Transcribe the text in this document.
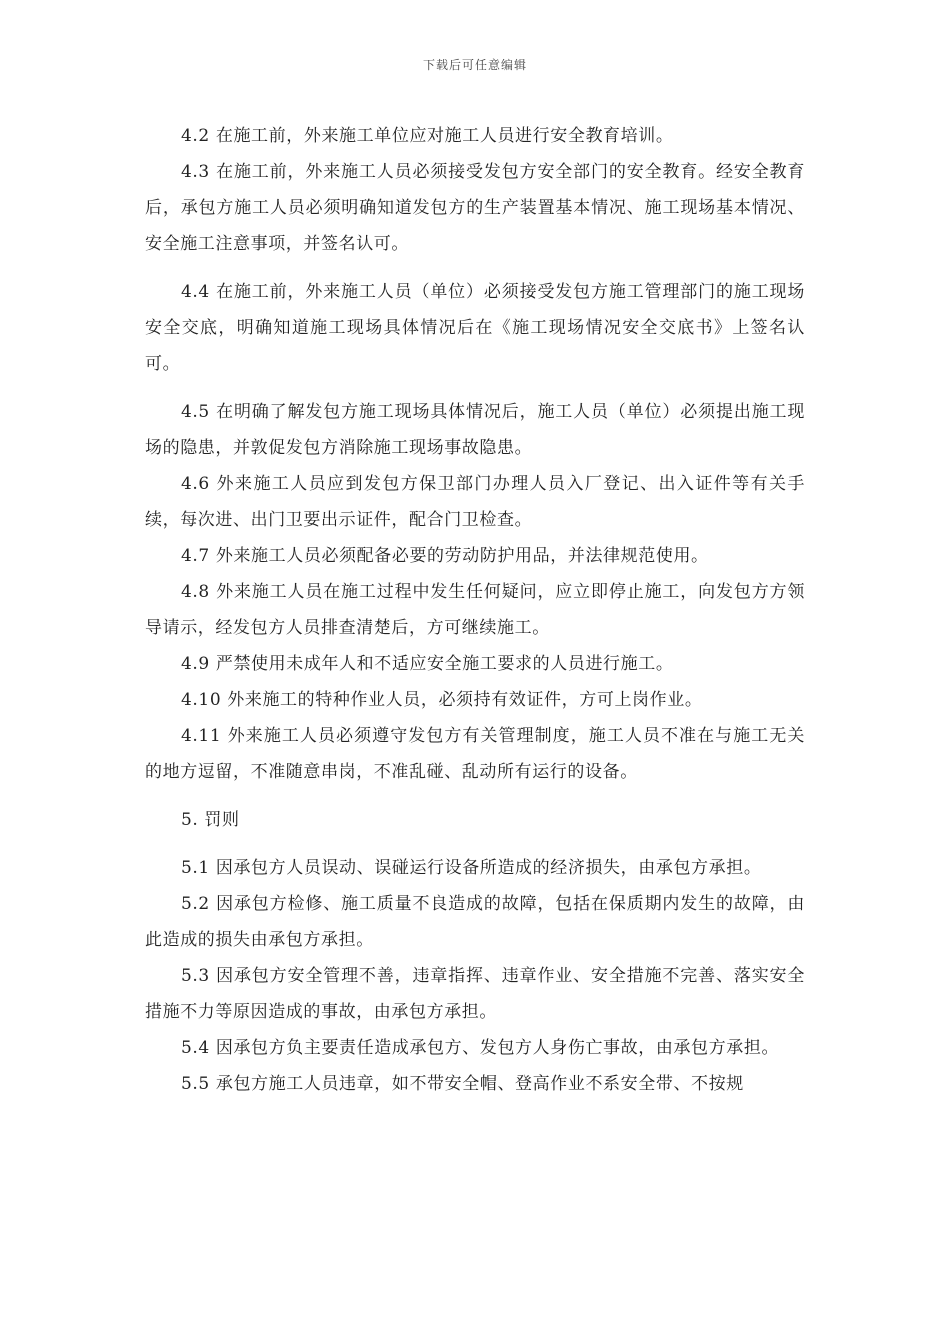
下载后可任意编辑

4.2 在施工前，外来施工单位应对施工人员进行安全教育培训。

4.3 在施工前，外来施工人员必须接受发包方安全部门的安全教育。经安全教育后，承包方施工人员必须明确知道发包方的生产装置基本情况、施工现场基本情况、安全施工注意事项，并签名认可。

4.4 在施工前，外来施工人员（单位）必须接受发包方施工管理部门的施工现场安全交底，明确知道施工现场具体情况后在《施工现场情况安全交底书》上签名认可。

4.5 在明确了解发包方施工现场具体情况后，施工人员（单位）必须提出施工现场的隐患，并敦促发包方消除施工现场事故隐患。

4.6 外来施工人员应到发包方保卫部门办理人员入厂登记、出入证件等有关手续，每次进、出门卫要出示证件，配合门卫检查。

4.7 外来施工人员必须配备必要的劳动防护用品，并法律规范使用。

4.8 外来施工人员在施工过程中发生任何疑问，应立即停止施工，向发包方方领导请示，经发包方人员排查清楚后，方可继续施工。

4.9 严禁使用未成年人和不适应安全施工要求的人员进行施工。

4.10 外来施工的特种作业人员，必须持有效证件，方可上岗作业。

4.11 外来施工人员必须遵守发包方有关管理制度，施工人员不准在与施工无关的地方逗留，不准随意串岗，不准乱碰、乱动所有运行的设备。

5. 罚则

5.1 因承包方人员误动、误碰运行设备所造成的经济损失，由承包方承担。

5.2 因承包方检修、施工质量不良造成的故障，包括在保质期内发生的故障，由此造成的损失由承包方承担。

5.3 因承包方安全管理不善，违章指挥、违章作业、安全措施不完善、落实安全措施不力等原因造成的事故，由承包方承担。

5.4 因承包方负主要责任造成承包方、发包方人身伤亡事故，由承包方承担。

5.5 承包方施工人员违章，如不带安全帽、登高作业不系安全带、不按规
